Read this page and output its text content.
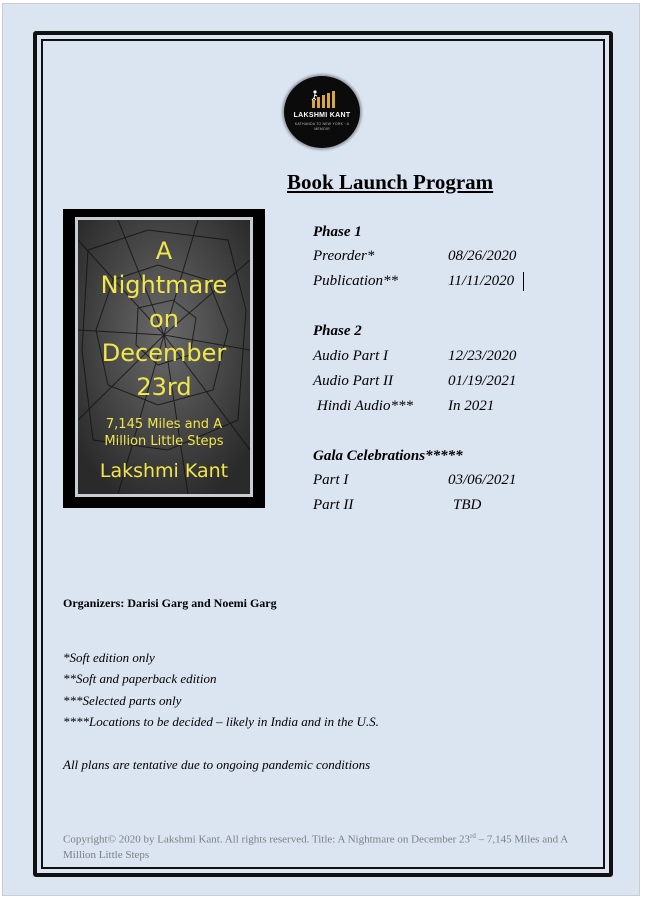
LAKSHMI KANT
KATHANDA TO NEW YORK · A MEMOIR
Book Launch Program
A
Nightmare
on
December
23rd
7,145 Miles and A
Million Little Steps
Lakshmi Kant
Phase 1
Preorder*	08/26/2020
Publication**	11/11/2020
Phase 2
Audio Part I	12/23/2020
Audio Part II	01/19/2021
Hindi Audio*** In 2021
Gala Celebrations*****
Part I	03/06/2021
Part II	TBD
Organizers: Darisi Garg and Noemi Garg
*Soft edition only
**Soft and paperback edition
***Selected parts only
****Locations to be decided – likely in India and in the U.S.
All plans are tentative due to ongoing pandemic conditions
Copyright© 2020 by Lakshmi Kant. All rights reserved. Title: A Nightmare on December 23rd – 7,145 Miles and A Million Little Steps
